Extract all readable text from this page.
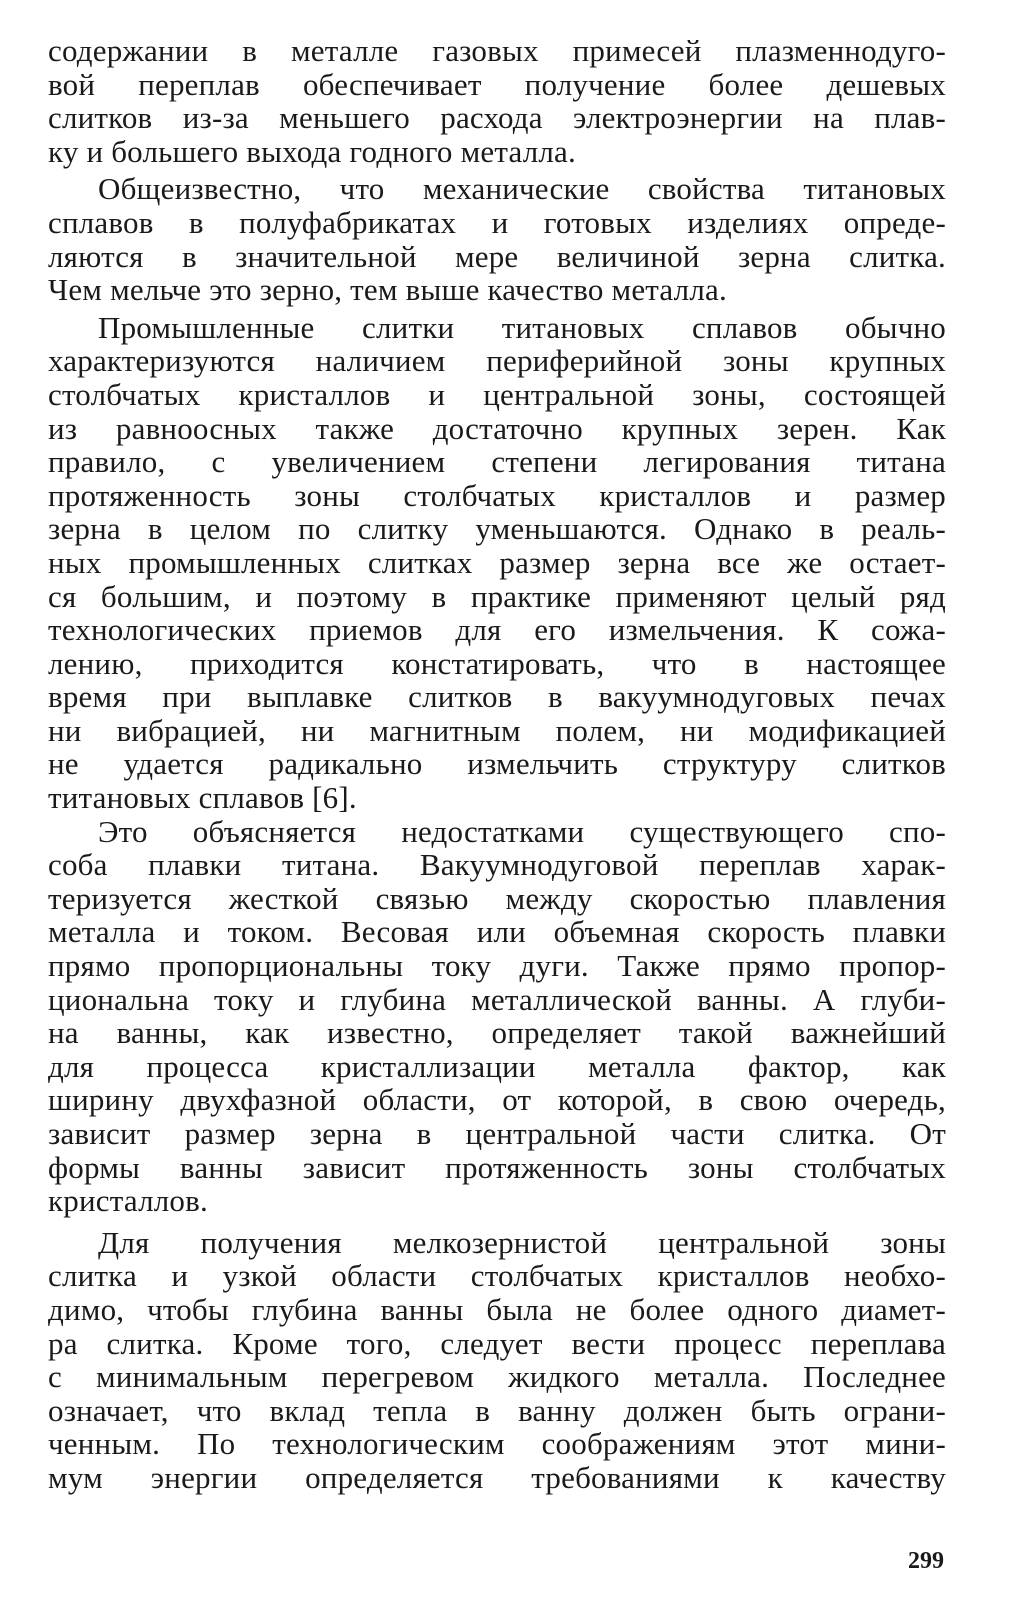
содержании в металле газовых примесей плазменнодуго-
вой переплав обеспечивает получение более дешевых
слитков из-за меньшего расхода электроэнергии на плав-
ку и большего выхода годного металла.

Общеизвестно, что механические свойства титановых
сплавов в полуфабрикатах и готовых изделиях опреде-
ляются в значительной мере величиной зерна слитка.
Чем мельче это зерно, тем выше качество металла.

Промышленные слитки титановых сплавов обычно
характеризуются наличием периферийной зоны крупных
столбчатых кристаллов и центральной зоны, состоящей
из равноосных также достаточно крупных зерен. Как
правило, с увеличением степени легирования титана
протяженность зоны столбчатых кристаллов и размер
зерна в целом по слитку уменьшаются. Однако в реаль-
ных промышленных слитках размер зерна все же остает-
ся большим, и поэтому в практике применяют целый ряд
технологических приемов для его измельчения. К сожа-
лению, приходится констатировать, что в настоящее
время при выплавке слитков в вакуумнодуговых печах
ни вибрацией, ни магнитным полем, ни модификацией
не удается радикально измельчить структуру слитков
титановых сплавов [6].

Это объясняется недостатками существующего спо-
соба плавки титана. Вакуумнодуговой переплав харак-
теризуется жесткой связью между скоростью плавления
металла и током. Весовая или объемная скорость плавки
прямо пропорциональны току дуги. Также прямо пропор-
циональна току и глубина металлической ванны. А глуби-
на ванны, как известно, определяет такой важнейший
для процесса кристаллизации металла фактор, как
ширину двухфазной области, от которой, в свою очередь,
зависит размер зерна в центральной части слитка. От
формы ванны зависит протяженность зоны столбчатых
кристаллов.

Для получения мелкозернистой центральной зоны
слитка и узкой области столбчатых кристаллов необхо-
димо, чтобы глубина ванны была не более одного диамет-
ра слитка. Кроме того, следует вести процесс переплава
с минимальным перегревом жидкого металла. Последнее
означает, что вклад тепла в ванну должен быть ограни-
ченным. По технологическим соображениям этот мини-
мум энергии определяется требованиями к качеству

299
